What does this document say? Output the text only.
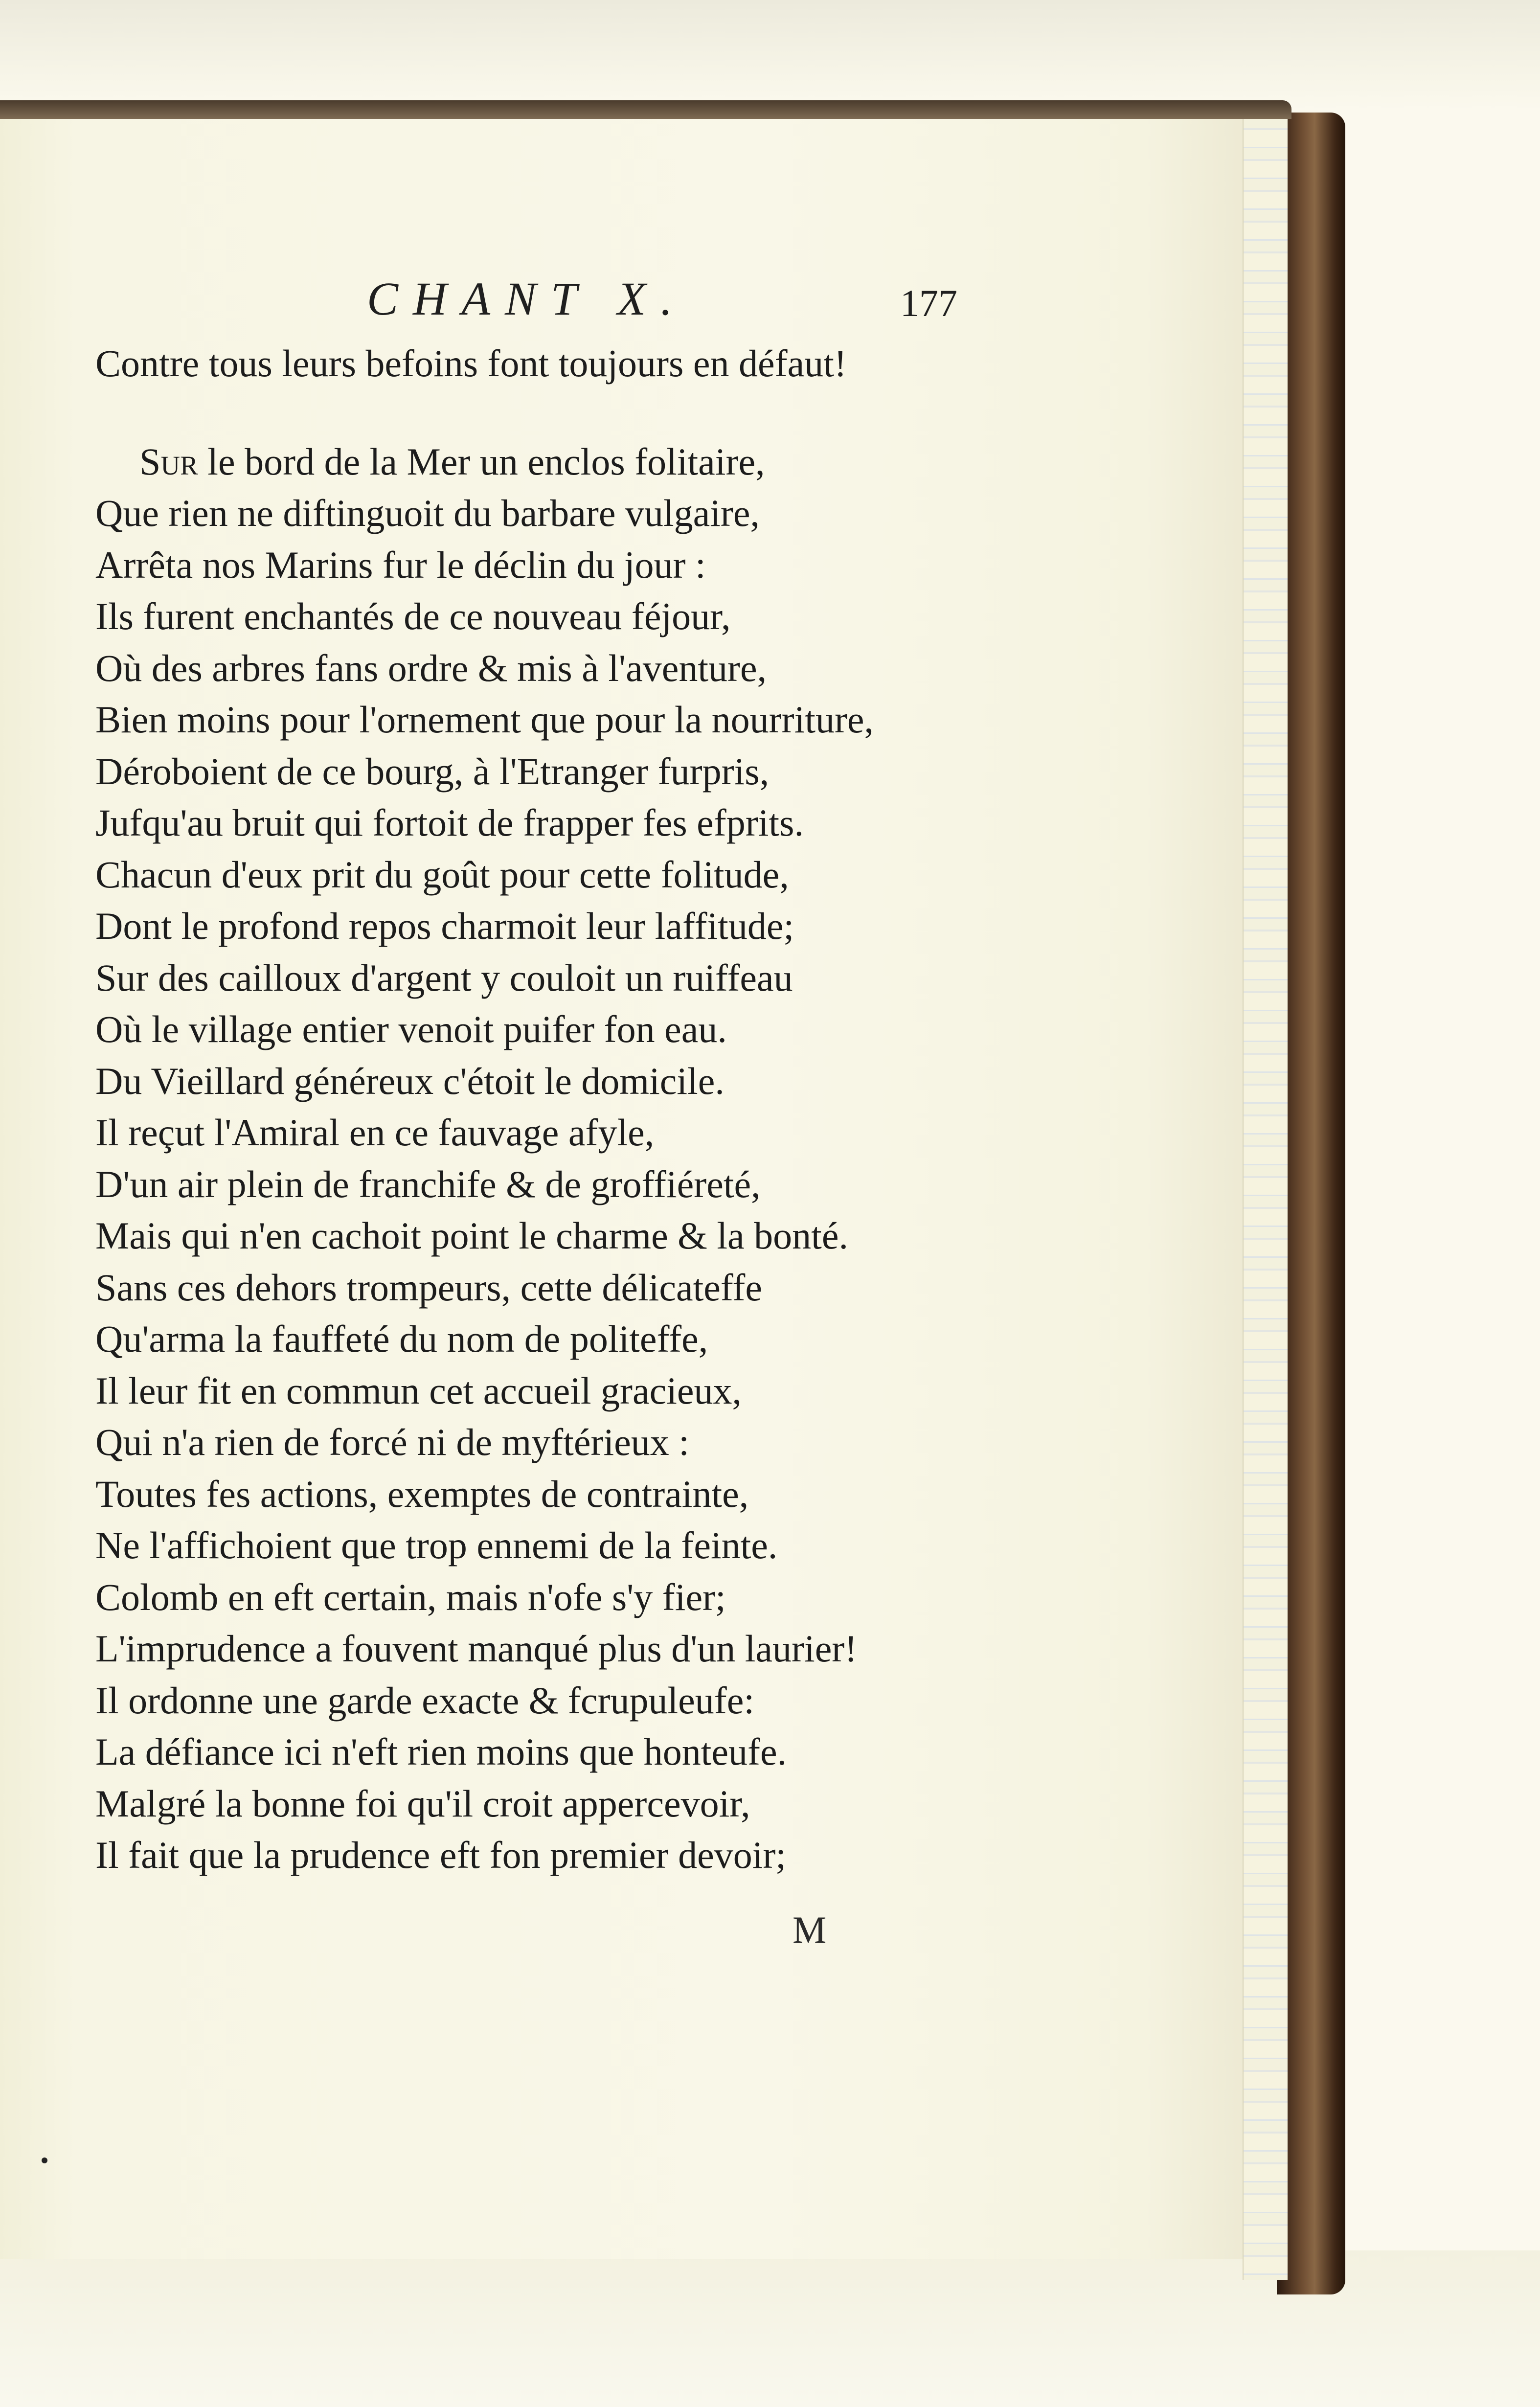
CHANT X.	177
Contre tous leurs befoins font toujours en défaut!
Sur le bord de la Mer un enclos folitaire,
Que rien ne diftinguoit du barbare vulgaire,
Arrêta nos Marins fur le déclin du jour :
Ils furent enchantés de ce nouveau féjour,
Où des arbres fans ordre & mis à l'aventure,
Bien moins pour l'ornement que pour la nourriture,
Déroboient de ce bourg, à l'Etranger furpris,
Jufqu'au bruit qui fortoit de frapper fes efprits.
Chacun d'eux prit du goût pour cette folitude,
Dont le profond repos charmoit leur laffitude;
Sur des cailloux d'argent y couloit un ruiffeau
Où le village entier venoit puifer fon eau.
Du Vieillard généreux c'étoit le domicile.
Il reçut l'Amiral en ce fauvage afyle,
D'un air plein de franchife & de groffiéreté,
Mais qui n'en cachoit point le charme & la bonté.
Sans ces dehors trompeurs, cette délicateffe
Qu'arma la fauffeté du nom de politeffe,
Il leur fit en commun cet accueil gracieux,
Qui n'a rien de forcé ni de myftérieux :
Toutes fes actions, exemptes de contrainte,
Ne l'affichoient que trop ennemi de la feinte.
Colomb en eft certain, mais n'ofe s'y fier;
L'imprudence a fouvent manqué plus d'un laurier!
Il ordonne une garde exacte & fcrupuleufe:
La défiance ici n'eft rien moins que honteufe.
Malgré la bonne foi qu'il croit appercevoir,
Il fait que la prudence eft fon premier devoir;
M
